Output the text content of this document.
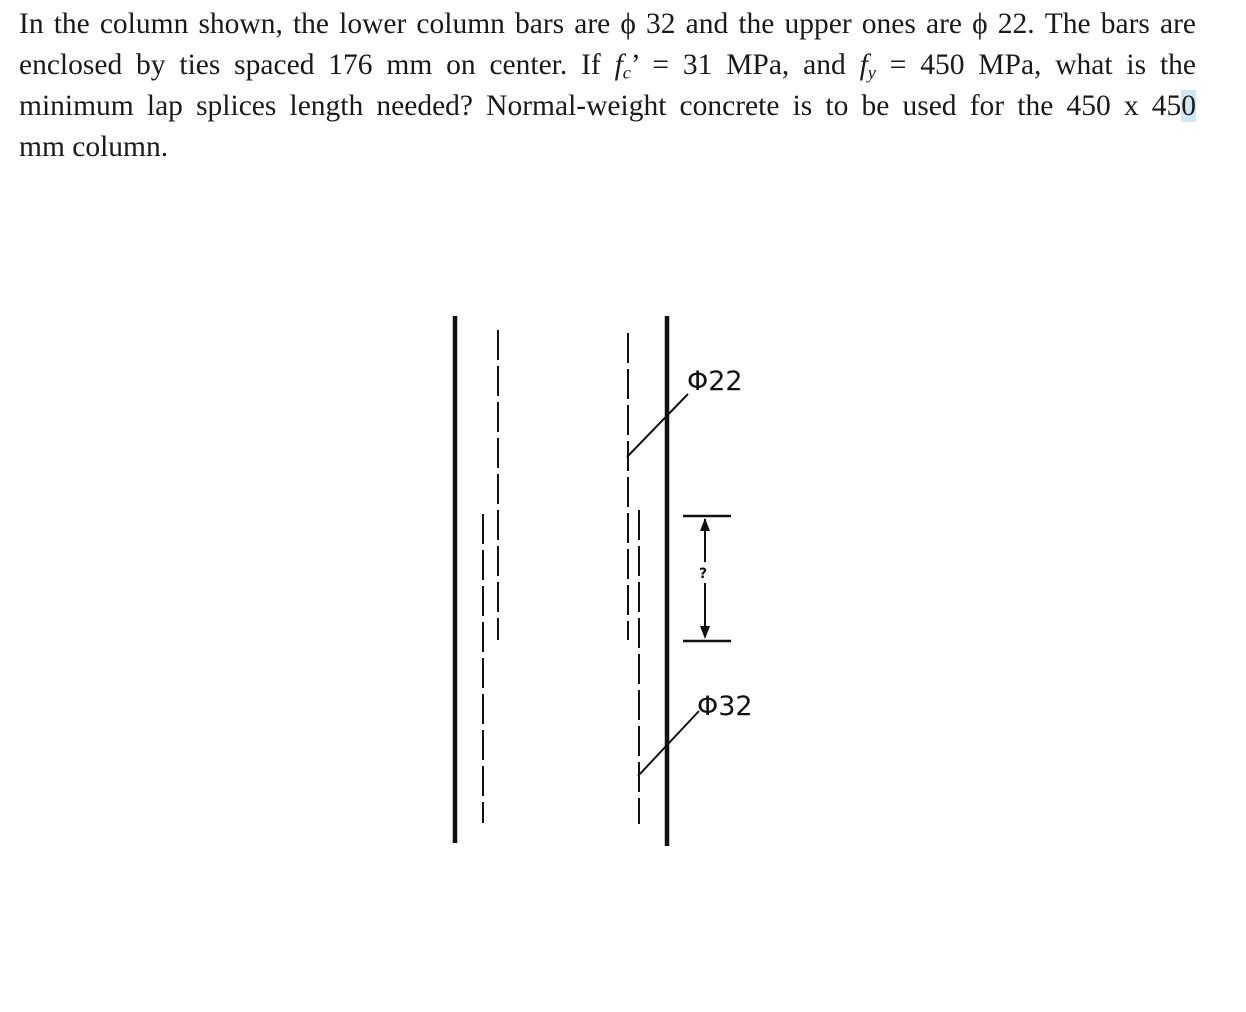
In the column shown, the lower column bars are ϕ 32 and the upper ones are ϕ 22. The bars are
enclosed by ties spaced 176 mm on center. If $f_c$’ = 31 MPa, and $f_y = 450$ MPa, what is the
minimum lap splices length needed? Normal-weight concrete is to be used for the 450 x 450
mm column.
?
Φ22
Φ32
